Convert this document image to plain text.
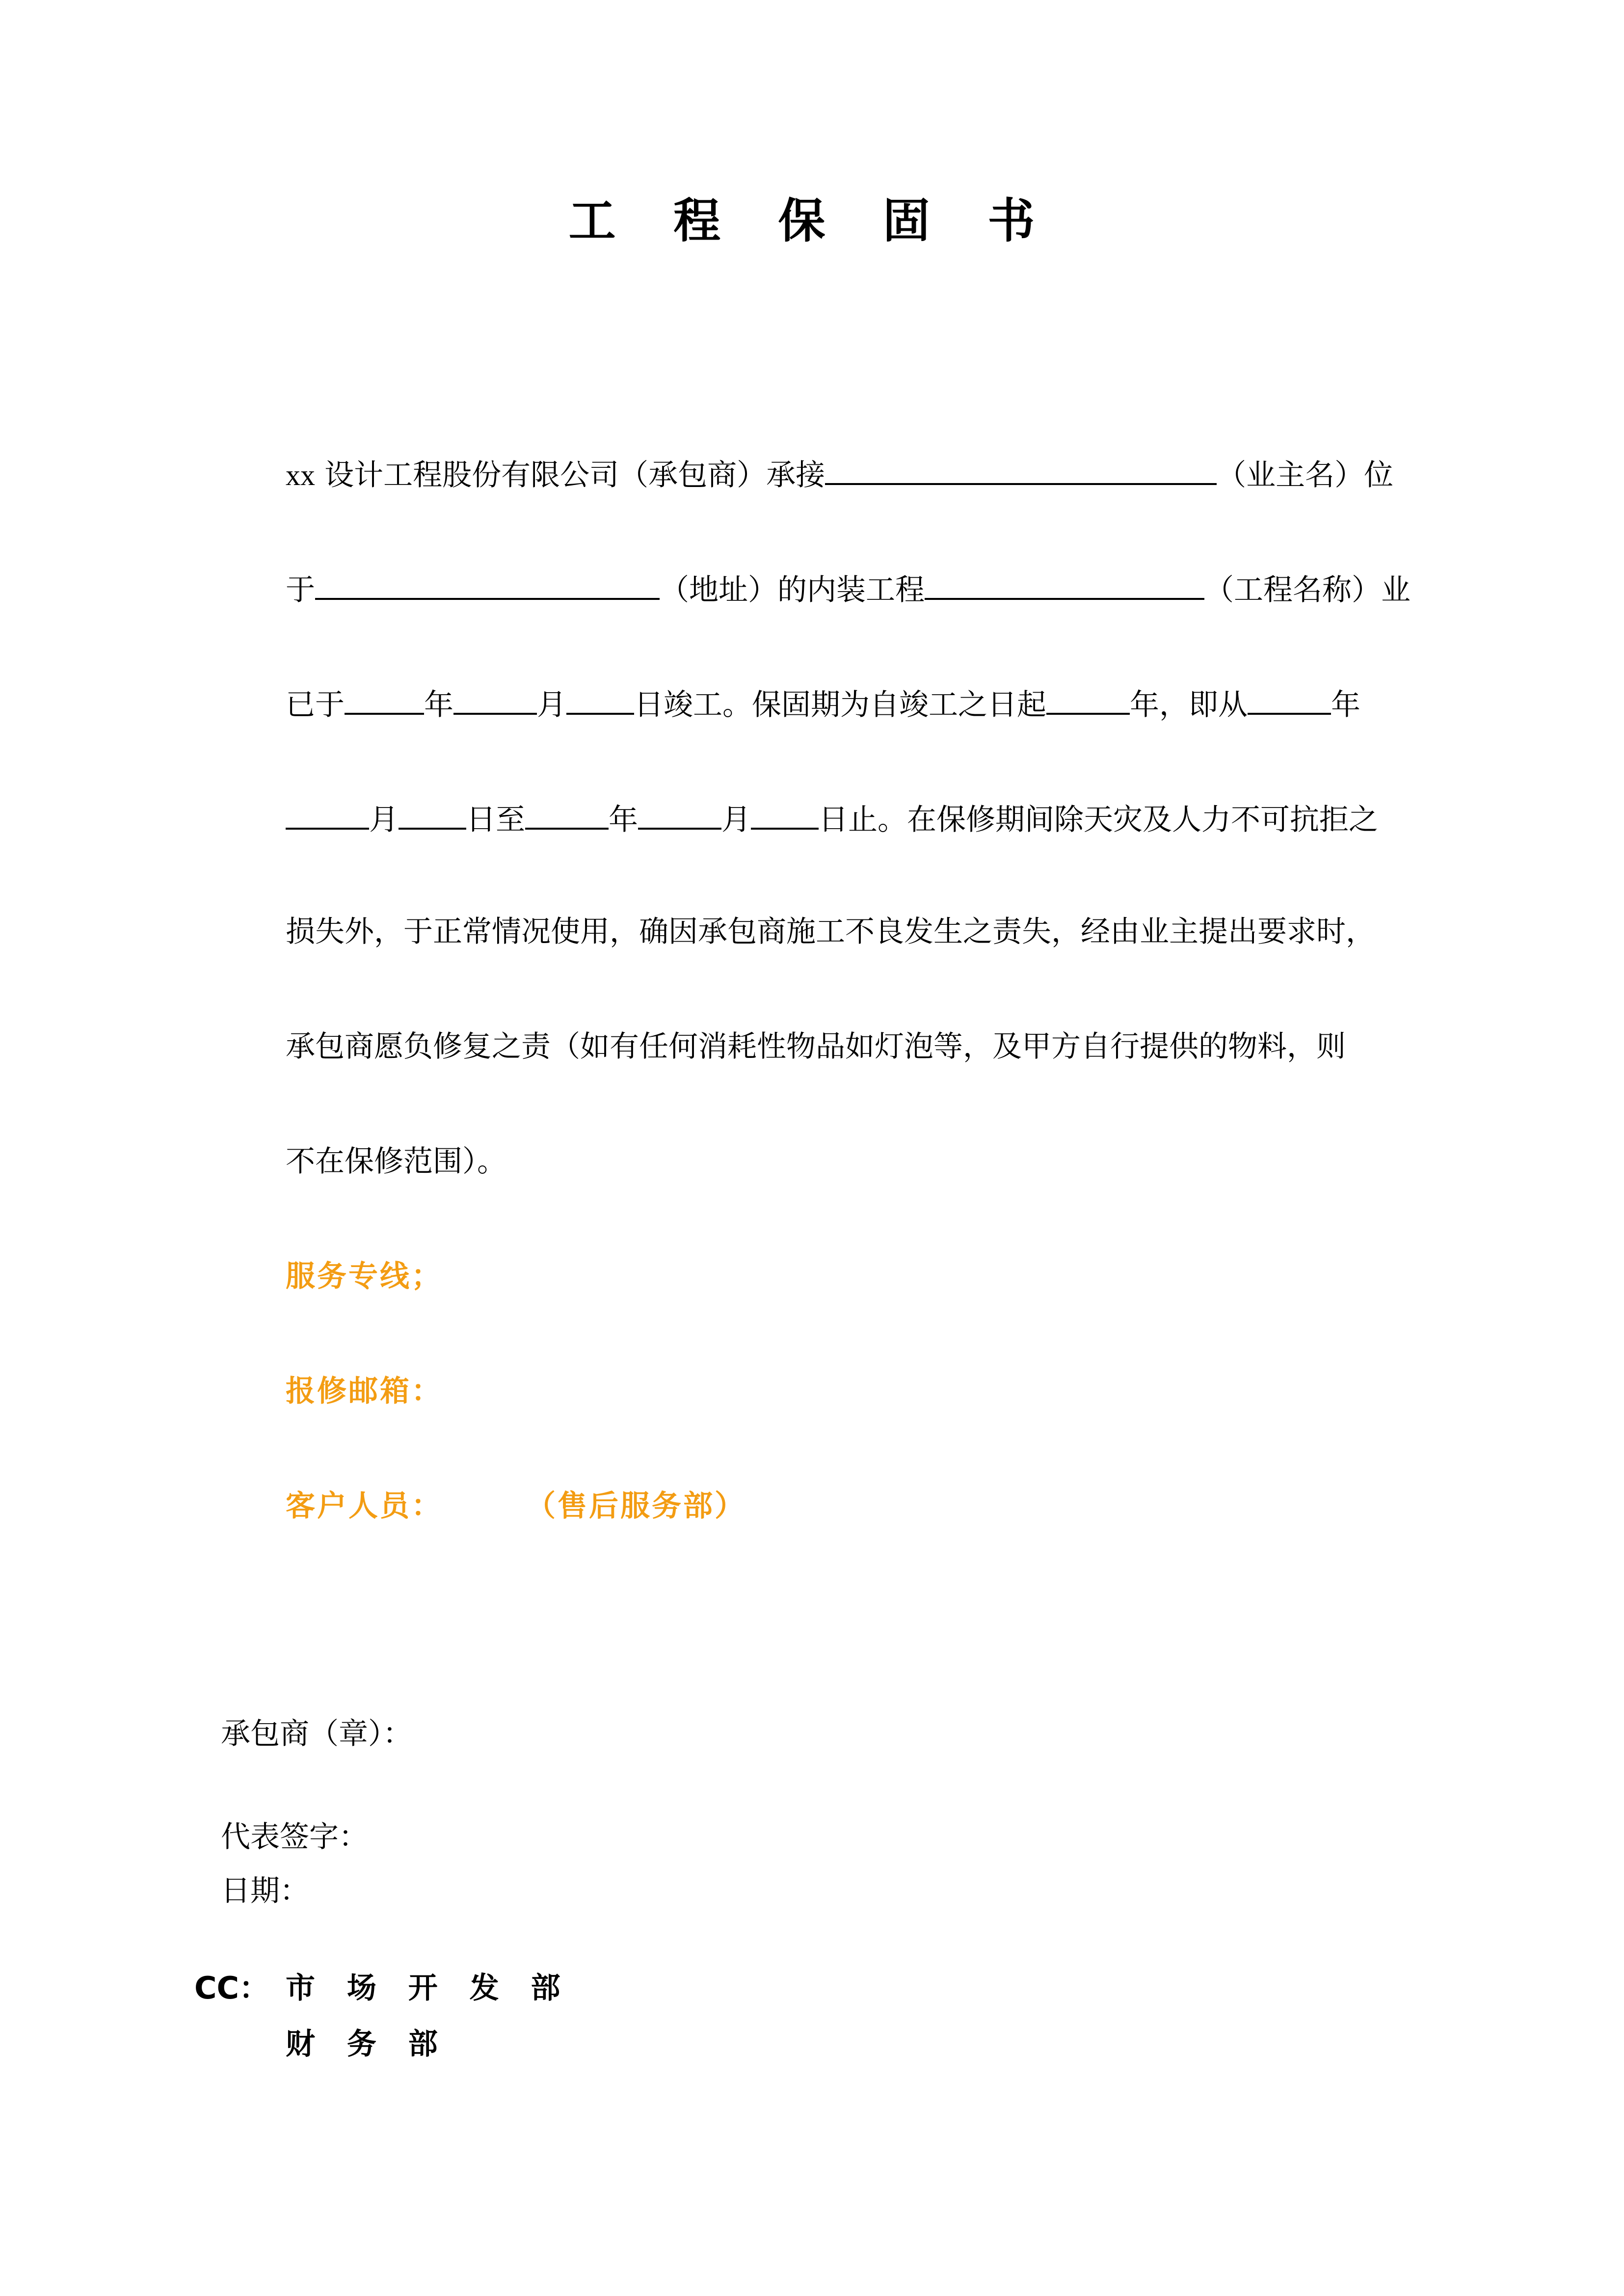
工 程 保 固 书
xx 设计工程股份有限公司（承包商）承接	（业主名）位
于	（地址）的内装工程	（工程名称）业
已于	年	月 日竣工。保固期为自竣工之日起	年，即从	年
月 日至	年	月 日止。在保修期间除天灾及人力不可抗拒之
损失外，于正常情况使用，确因承包商施工不良发生之责失，经由业主提出要求时，
承包商愿负修复之责（如有任何消耗性物品如灯泡等，及甲方自行提供的物料，则
不在保修范围）。
服务专线；
报修邮箱：
客户人员：	（售后服务部）
承包商（章）：
代表签字：
日期：
CC： 市 场 开 发 部
财 务 部
